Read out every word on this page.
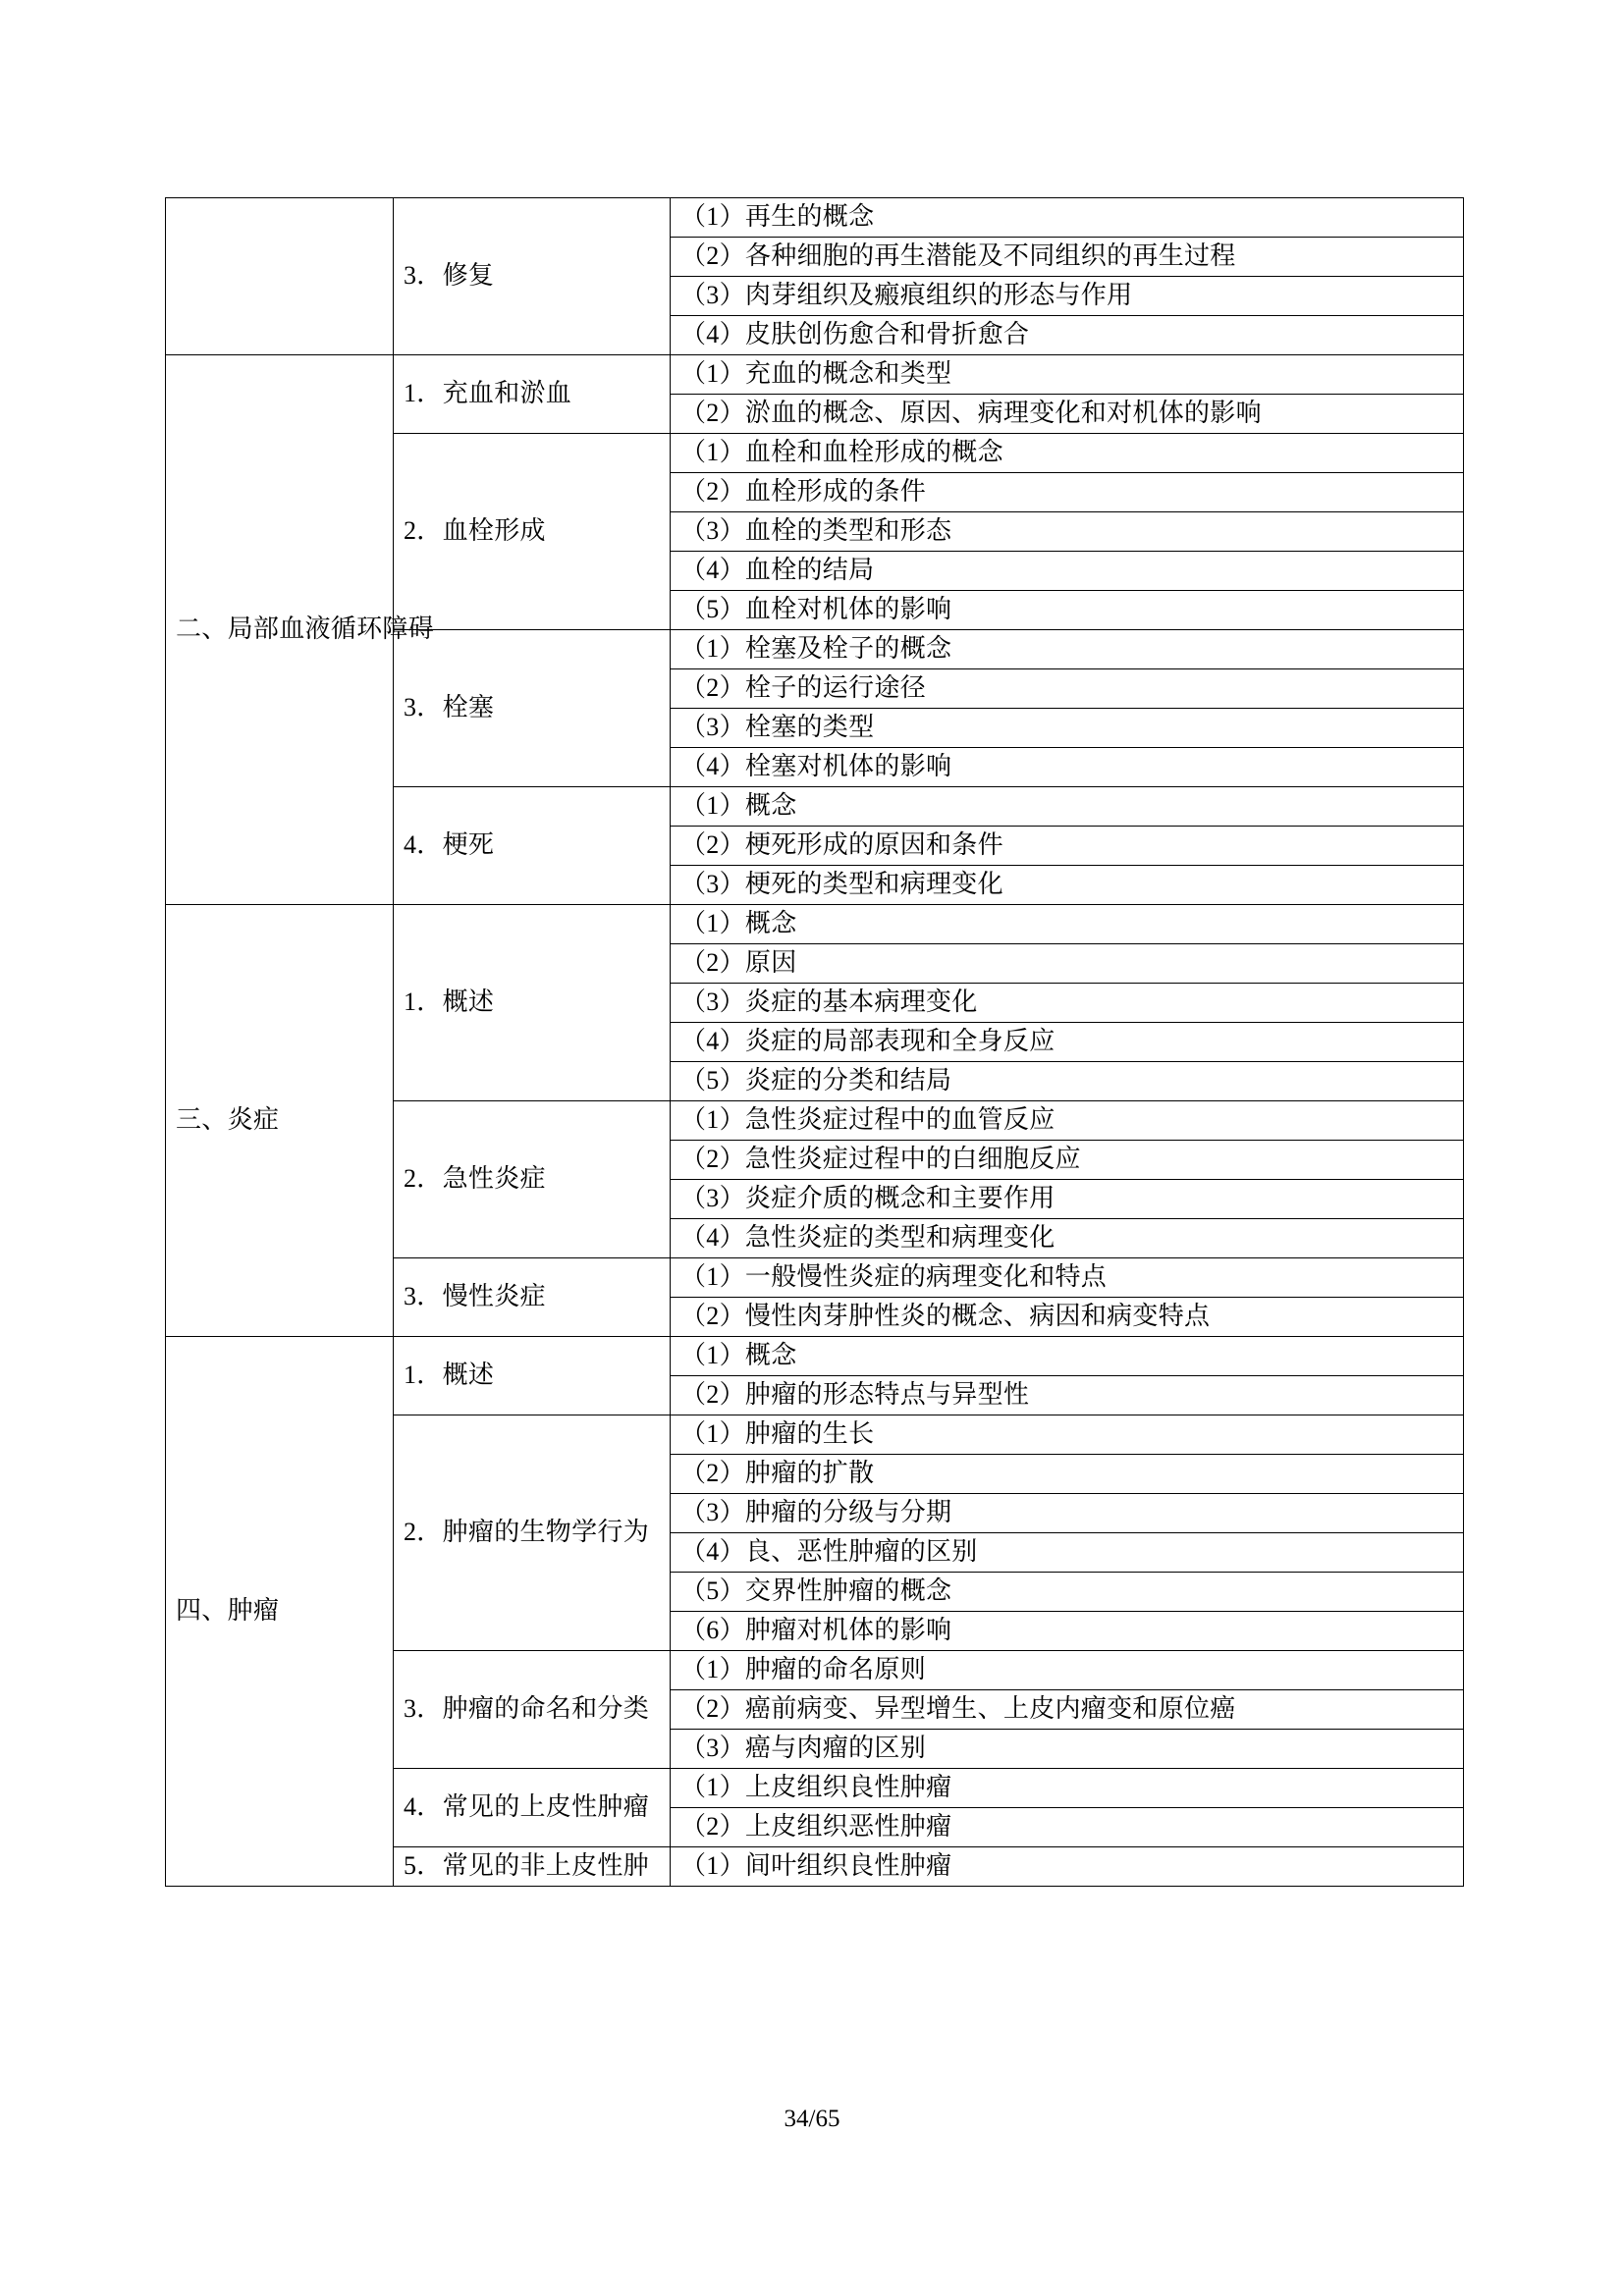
	3．修复	（1）再生的概念
		（2）各种细胞的再生潜能及不同组织的再生过程
		（3）肉芽组织及瘢痕组织的形态与作用
		（4）皮肤创伤愈合和骨折愈合
二、局部血液循环障碍	1．充血和淤血	（1）充血的概念和类型
		（2）淤血的概念、原因、病理变化和对机体的影响
	2．血栓形成	（1）血栓和血栓形成的概念
		（2）血栓形成的条件
		（3）血栓的类型和形态
		（4）血栓的结局
		（5）血栓对机体的影响
	3．栓塞	（1）栓塞及栓子的概念
		（2）栓子的运行途径
		（3）栓塞的类型
		（4）栓塞对机体的影响
	4．梗死	（1）概念
		（2）梗死形成的原因和条件
		（3）梗死的类型和病理变化
三、炎症	1．概述	（1）概念
		（2）原因
		（3）炎症的基本病理变化
		（4）炎症的局部表现和全身反应
		（5）炎症的分类和结局
	2．急性炎症	（1）急性炎症过程中的血管反应
		（2）急性炎症过程中的白细胞反应
		（3）炎症介质的概念和主要作用
		（4）急性炎症的类型和病理变化
	3．慢性炎症	（1）一般慢性炎症的病理变化和特点
		（2）慢性肉芽肿性炎的概念、病因和病变特点
四、肿瘤	1．概述	（1）概念
		（2）肿瘤的形态特点与异型性
	2．肿瘤的生物学行为	（1）肿瘤的生长
		（2）肿瘤的扩散
		（3）肿瘤的分级与分期
		（4）良、恶性肿瘤的区别
		（5）交界性肿瘤的概念
		（6）肿瘤对机体的影响
	3．肿瘤的命名和分类	（1）肿瘤的命名原则
		（2）癌前病变、异型增生、上皮内瘤变和原位癌
		（3）癌与肉瘤的区别
	4．常见的上皮性肿瘤	（1）上皮组织良性肿瘤
		（2）上皮组织恶性肿瘤
	5．常见的非上皮性肿	（1）间叶组织良性肿瘤
34/65
